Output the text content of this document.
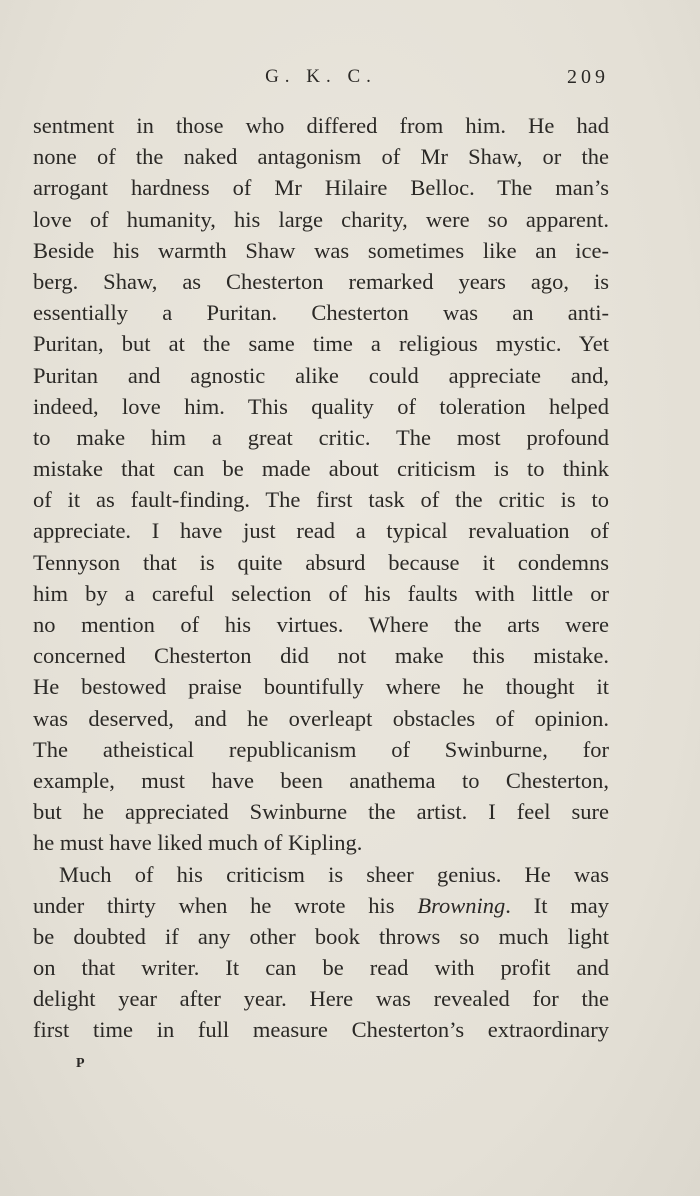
G. K. C.	209
sentment in those who differed from him. He had
none of the naked antagonism of Mr Shaw, or the
arrogant hardness of Mr Hilaire Belloc. The man’s
love of humanity, his large charity, were so apparent.
Beside his warmth Shaw was sometimes like an ice-
berg. Shaw, as Chesterton remarked years ago, is
essentially a Puritan. Chesterton was an anti-
Puritan, but at the same time a religious mystic. Yet
Puritan and agnostic alike could appreciate and,
indeed, love him. This quality of toleration helped
to make him a great critic. The most profound
mistake that can be made about criticism is to think
of it as fault-finding. The first task of the critic is to
appreciate. I have just read a typical revaluation of
Tennyson that is quite absurd because it condemns
him by a careful selection of his faults with little or
no mention of his virtues. Where the arts were
concerned Chesterton did not make this mistake.
He bestowed praise bountifully where he thought it
was deserved, and he overleapt obstacles of opinion.
The atheistical republicanism of Swinburne, for
example, must have been anathema to Chesterton,
but he appreciated Swinburne the artist. I feel sure
he must have liked much of Kipling.
Much of his criticism is sheer genius. He was
under thirty when he wrote his Browning. It may
be doubted if any other book throws so much light
on that writer. It can be read with profit and
delight year after year. Here was revealed for the
first time in full measure Chesterton’s extraordinary
P
